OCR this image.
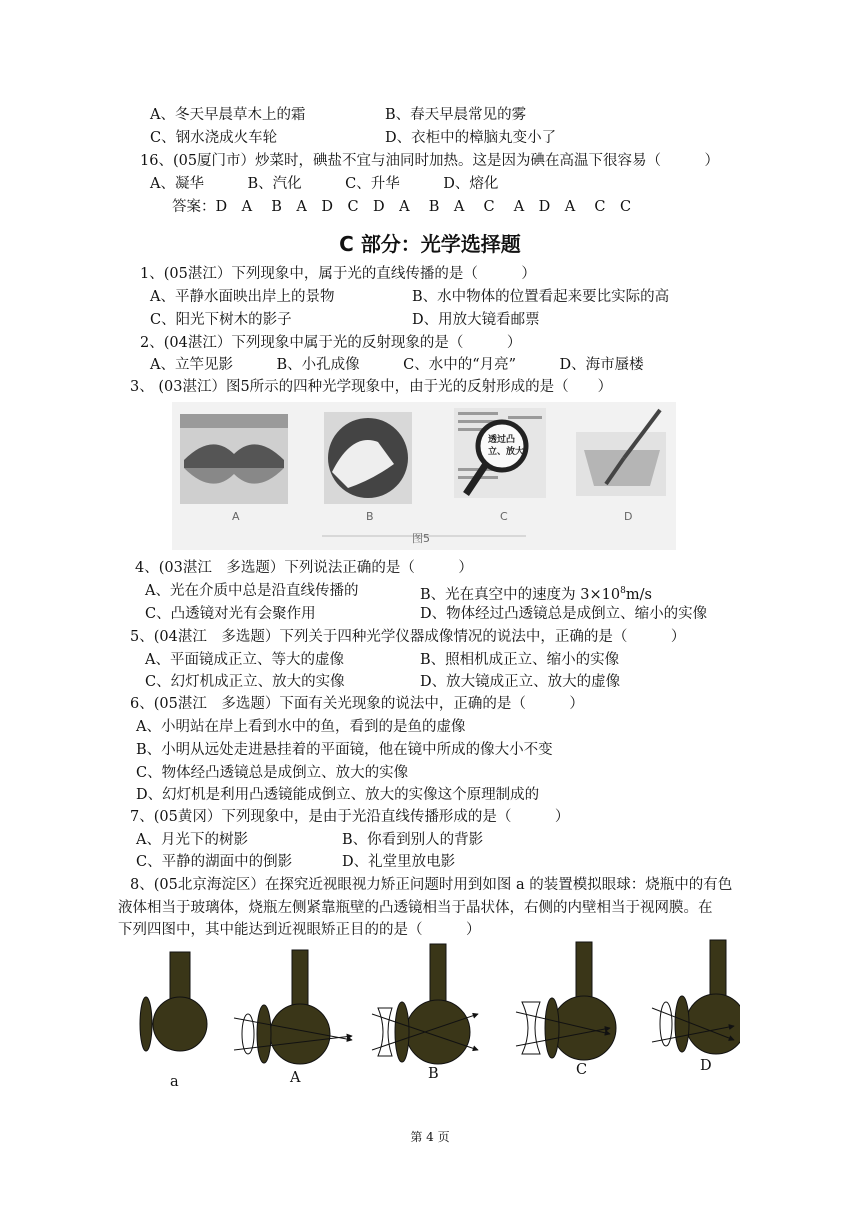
A、冬天早晨草木上的霜	B、春天早晨常见的雾
C、钢水浇成火车轮	D、衣柜中的樟脑丸变小了
16、(05厦门市）炒菜时，碘盐不宜与油同时加热。这是因为碘在高温下很容易（　　　）
A、凝华　　　B、汽化　　　C、升华　　　D、熔化
答案：D　A　 B　A　D　C　D　A　 B　A　 C　 A　D　A　 C　C
C 部分：光学选择题
1、(05湛江）下列现象中，属于光的直线传播的是（　　　）
A、平静水面映出岸上的景物	B、水中物体的位置看起来要比实际的高
C、阳光下树木的影子	D、用放大镜看邮票
2、(04湛江）下列现象中属于光的反射现象的是（　　　）
A、立竿见影　　　B、小孔成像　　　C、水中的“月亮”　　　D、海市蜃楼
3、 (03湛江）图5所示的四种光学现象中，由于光的反射形成的是（　　）
透过凸
立、放大
A	B	C	D
图5
4、(03湛江　多选题）下列说法正确的是（　　　）
A、光在介质中总是沿直线传播的	B、光在真空中的速度为 $3\times 10^8m/s$
C、凸透镜对光有会聚作用	D、物体经过凸透镜总是成倒立、缩小的实像
5、(04湛江　多选题）下列关于四种光学仪器成像情况的说法中，正确的是（　　　）
A、平面镜成正立、等大的虚像	B、照相机成正立、缩小的实像
C、幻灯机成正立、放大的实像	D、放大镜成正立、放大的虚像
6、(05湛江　多选题）下面有关光现象的说法中，正确的是（　　　）
A、小明站在岸上看到水中的鱼，看到的是鱼的虚像
B、小明从远处走进悬挂着的平面镜，他在镜中所成的像大小不变
C、物体经凸透镜总是成倒立、放大的实像
D、幻灯机是利用凸透镜能成倒立、放大的实像这个原理制成的
7、(05黄冈）下列现象中，是由于光沿直线传播形成的是（　　　）
A、月光下的树影	B、你看到别人的背影
C、平静的湖面中的倒影	D、礼堂里放电影
8、(05北京海淀区）在探究近视眼视力矫正问题时用到如图 a 的装置模拟眼球：烧瓶中的有色
液体相当于玻璃体，烧瓶左侧紧靠瓶壁的凸透镜相当于晶状体，右侧的内壁相当于视网膜。在
下列四图中，其中能达到近视眼矫正目的的是（　　　）
a	A	B	C	D
第 4 页
